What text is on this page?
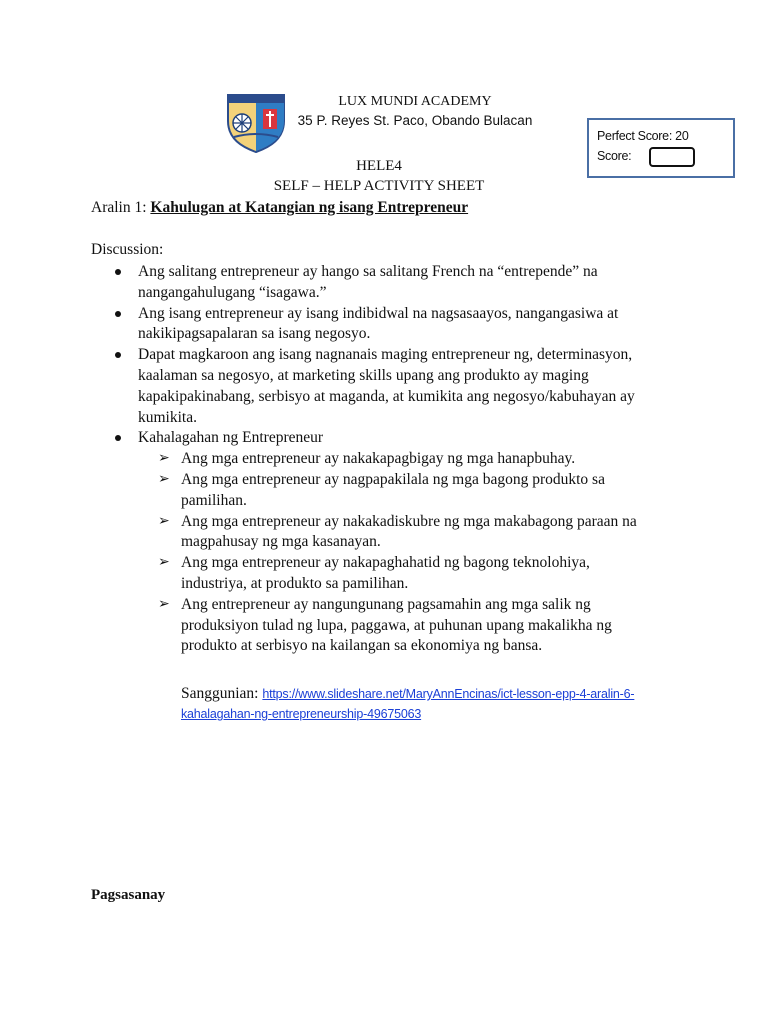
LUX MUNDI ACADEMY
35 P. Reyes St. Paco, Obando Bulacan
Perfect Score: 20
Score:
HELE4
SELF – HELP ACTIVITY SHEET
Aralin 1: Kahulugan at Katangian ng isang Entrepreneur
Discussion:
Ang salitang entrepreneur ay hango sa salitang French na “entrepende” na nangangahulugang “isagawa.”
Ang isang entrepreneur ay isang indibidwal na nagsasaayos, nangangasiwa at nakikipagsapalaran sa isang negosyo.
Dapat magkaroon ang isang nagnanais maging entrepreneur ng, determinasyon, kaalaman sa negosyo, at marketing skills upang ang produkto ay maging kapakipakinabang, serbisyo at maganda, at kumikita ang negosyo/kabuhayan ay kumikita.
Kahalagahan ng Entrepreneur
➢ Ang mga entrepreneur ay nakakapagbigay ng mga hanapbuhay.
➢ Ang mga entrepreneur ay nagpapakilala ng mga bagong produkto sa pamilihan.
➢ Ang mga entrepreneur ay nakakadiskubre ng mga makabagong paraan na magpahusay ng mga kasanayan.
➢ Ang mga entrepreneur ay nakapaghahatid ng bagong teknolohiya, industriya, at produkto sa pamilihan.
➢ Ang entrepreneur ay nangungunang pagsamahin ang mga salik ng produksiyon tulad ng lupa, paggawa, at puhunan upang makalikha ng produkto at serbisyo na kailangan sa ekonomiya ng bansa.
Sanggunian: https://www.slideshare.net/MaryAnnEncinas/ict-lesson-epp-4-aralin-6-kahalagahan-ng-entrepreneurship-49675063
Pagsasanay
